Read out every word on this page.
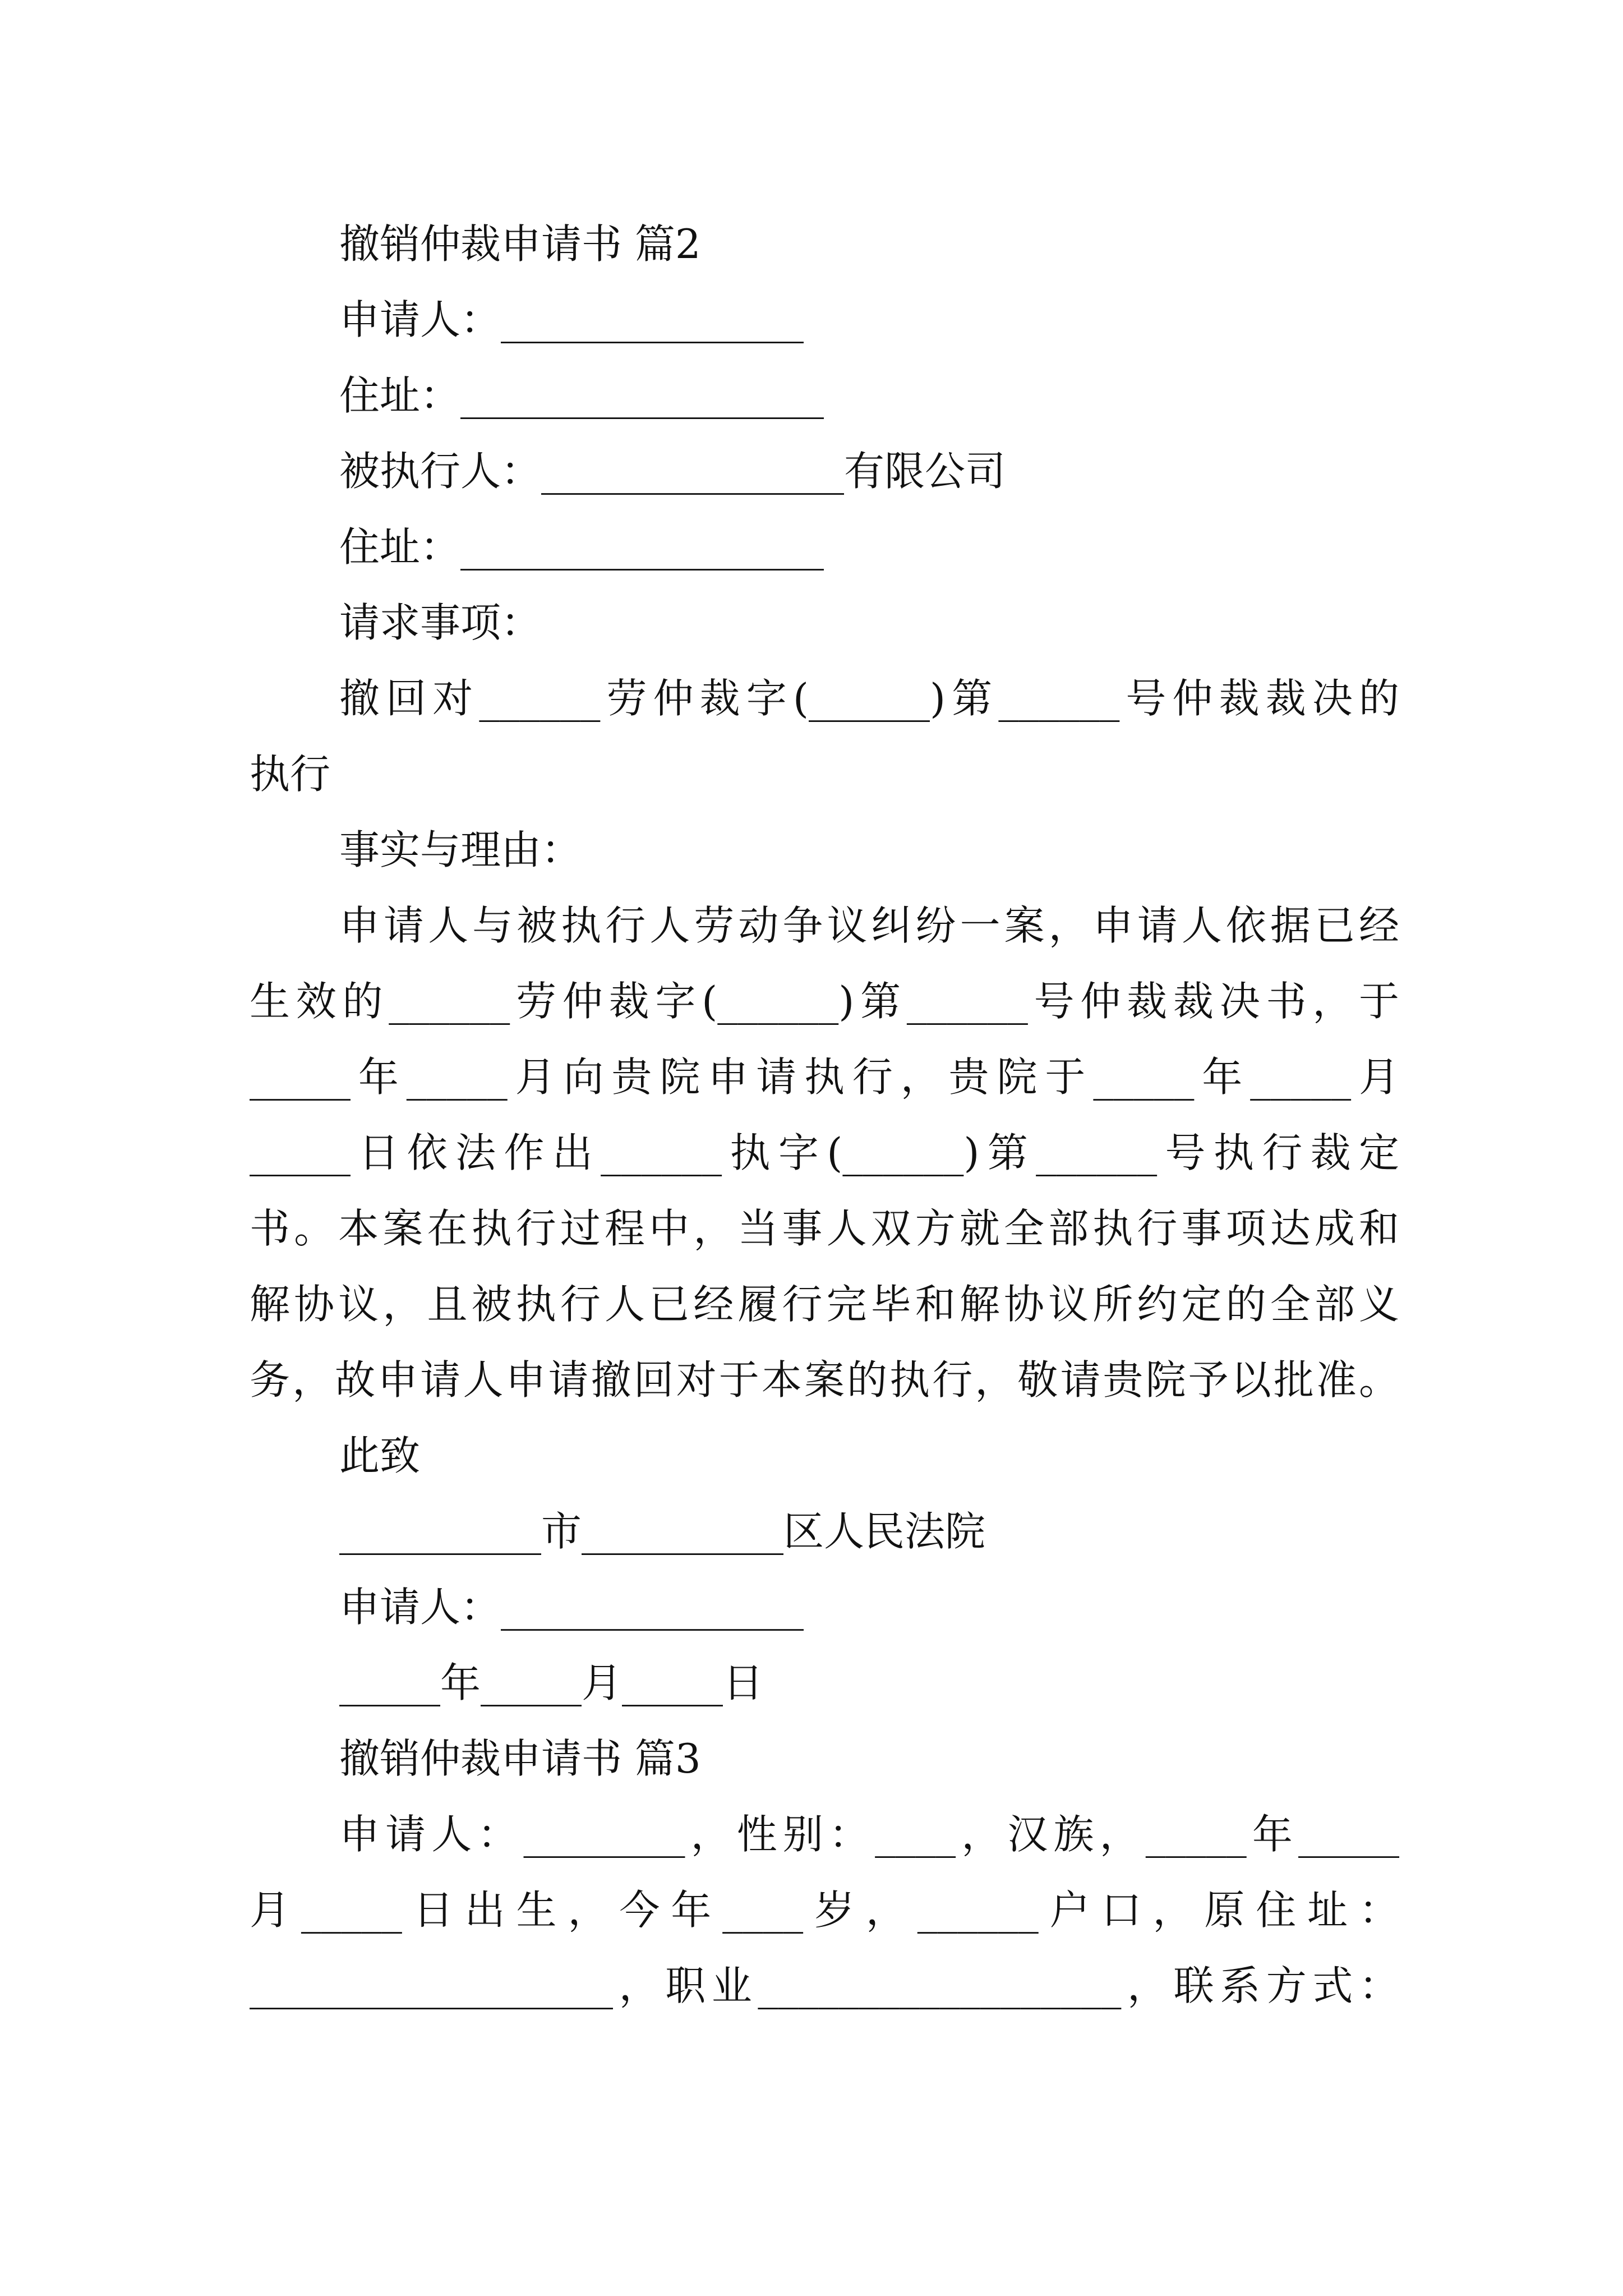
撤销仲裁申请书 篇2
申请人：_______________
住址：__________________
被执行人：_______________有限公司
住址：__________________
请求事项：
撤回对______劳仲裁字(______)第______号仲裁裁决的
执行
事实与理由：
申请人与被执行人劳动争议纠纷一案，申请人依据已经
生效的______劳仲裁字(______)第______号仲裁裁决书，于
_____年_____月向贵院申请执行，贵院于_____年_____月
_____日依法作出______执字(______)第______号执行裁定
书。本案在执行过程中，当事人双方就全部执行事项达成和
解协议，且被执行人已经履行完毕和解协议所约定的全部义
务，故申请人申请撤回对于本案的执行，敬请贵院予以批准。
此致
__________市__________区人民法院
申请人：_______________
_____年_____月_____日
撤销仲裁申请书 篇3
申请人：________，性别：____，汉族，_____年_____
月_____日出生，今年____岁，______户口，原住址：
__________________，职业__________________，联系方式：
